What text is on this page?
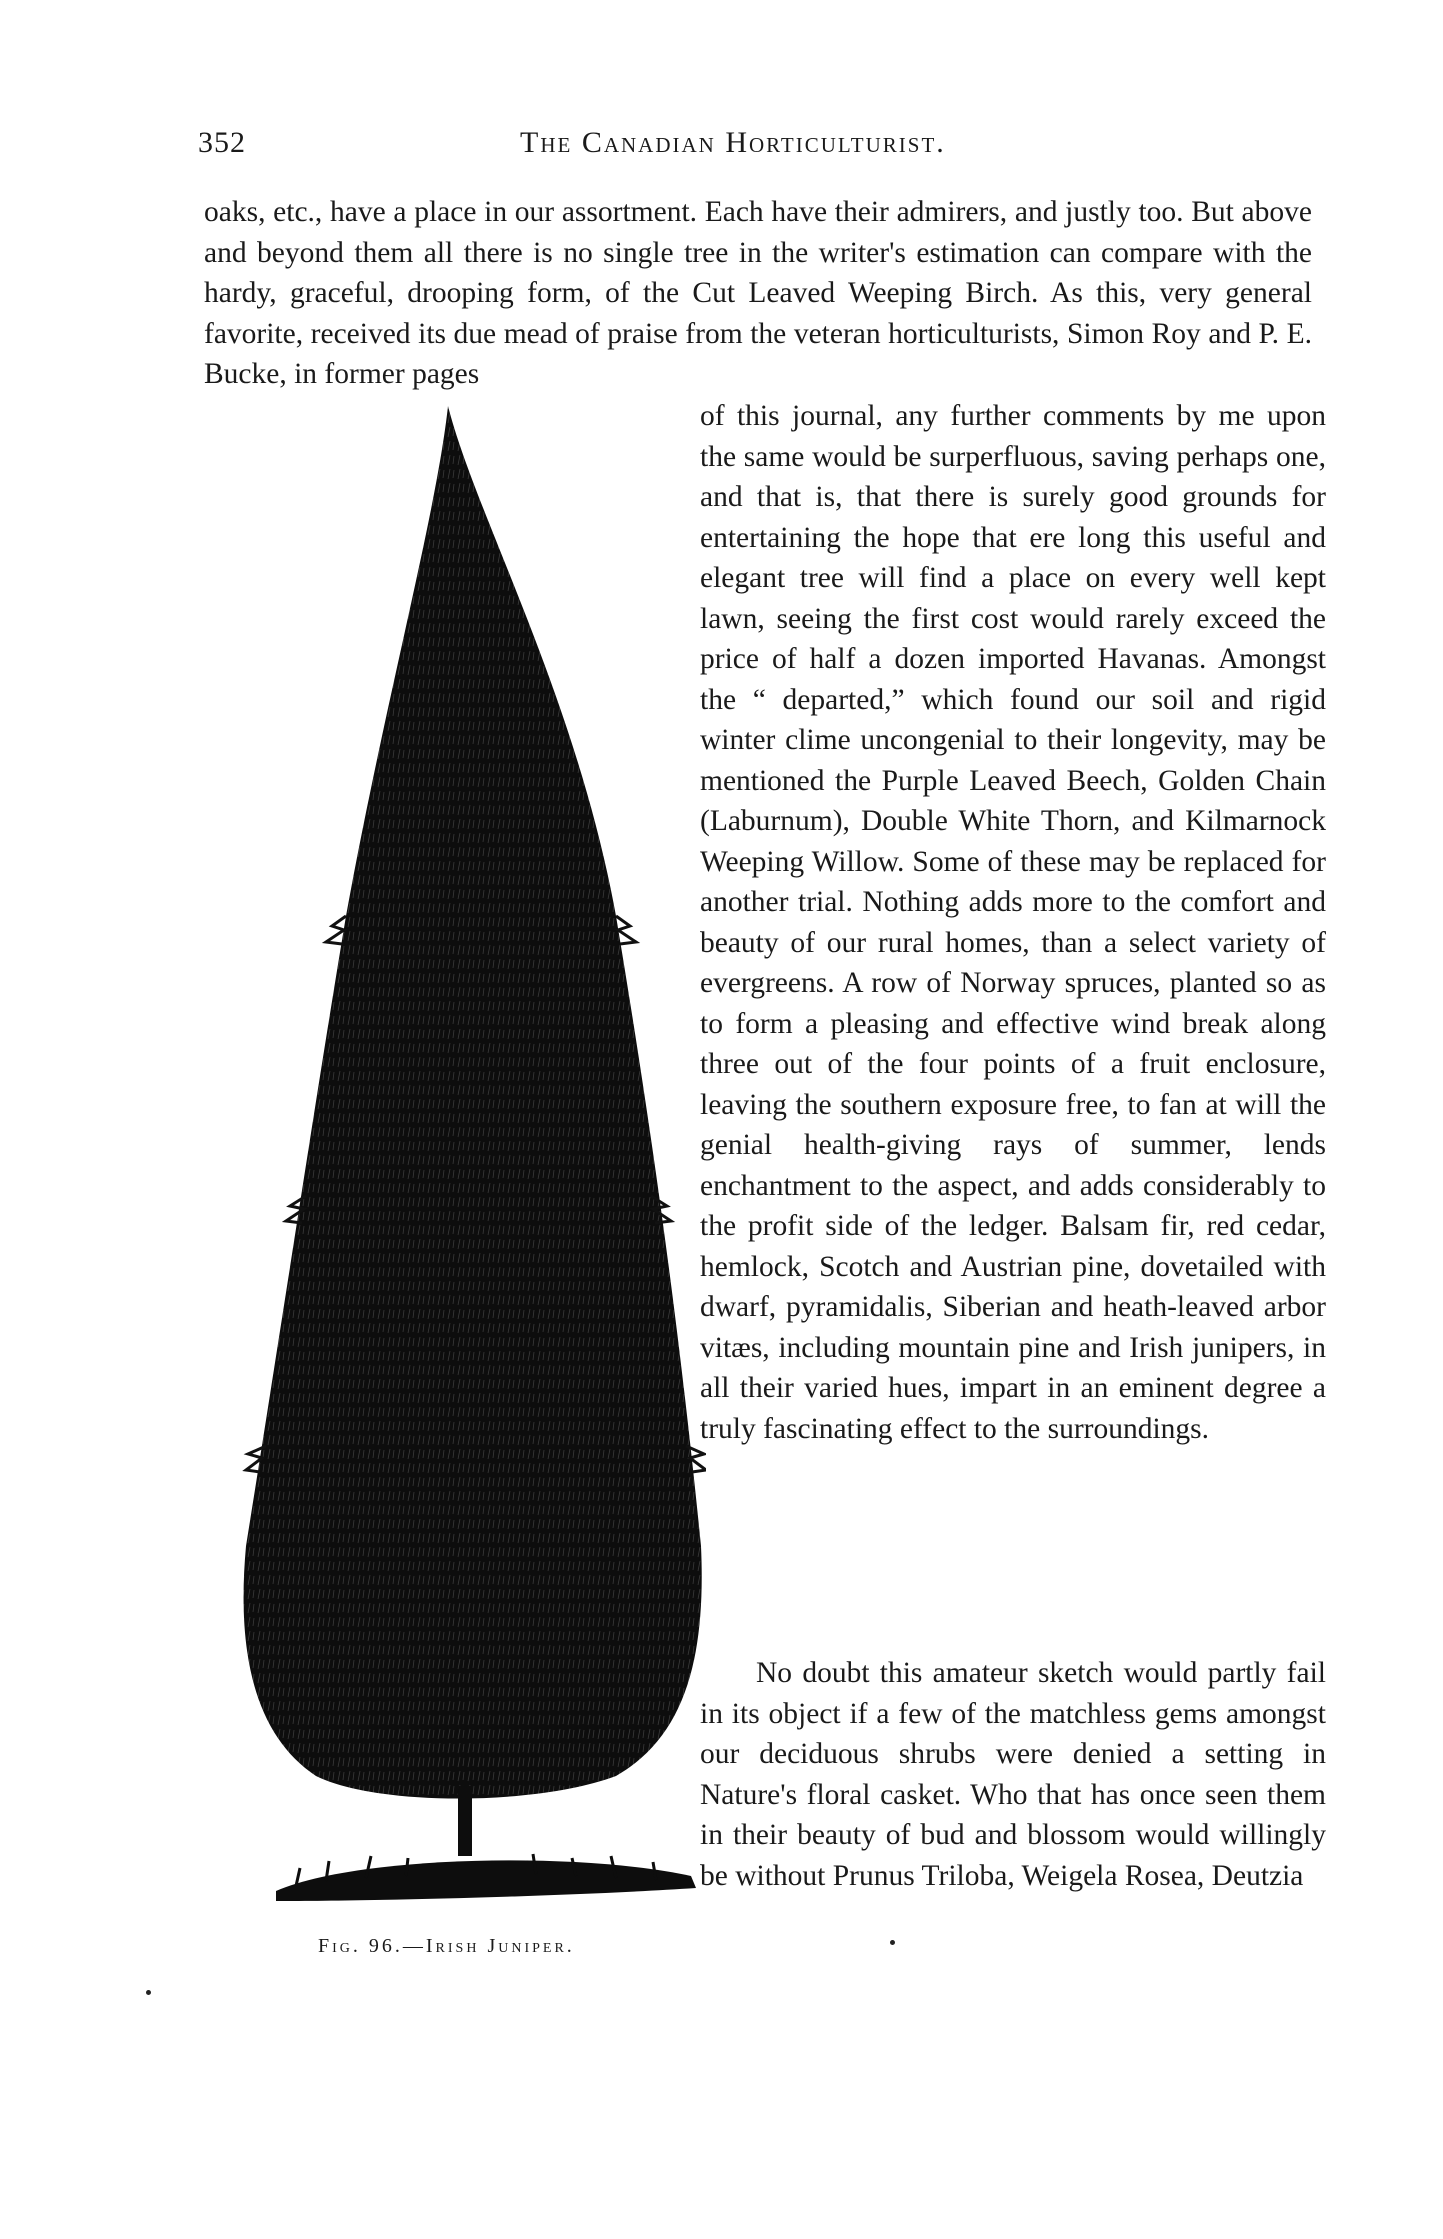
352	The Canadian Horticulturist.
oaks, etc., have a place in our assortment. Each have their admirers, and justly too. But above and beyond them all there is no single tree in the writer's estimation can compare with the hardy, graceful, drooping form, of the Cut Leaved Weeping Birch. As this, very general favorite, received its due mead of praise from the veteran horticulturists, Simon Roy and P. E. Bucke, in former pages
of this journal, any further comments by me upon the same would be surperfluous, saving perhaps one, and that is, that there is surely good grounds for entertaining the hope that ere long this useful and elegant tree will find a place on every well kept lawn, seeing the first cost would rarely exceed the price of half a dozen imported Havanas. Amongst the “ departed,” which found our soil and rigid winter clime uncongenial to their longevity, may be mentioned the Purple Leaved Beech, Golden Chain (Laburnum), Double White Thorn, and Kilmarnock Weeping Willow. Some of these may be replaced for another trial. Nothing adds more to the comfort and beauty of our rural homes, than a select variety of evergreens. A row of Norway spruces, planted so as to form a pleasing and effective wind break along three out of the four points of a fruit enclosure, leaving the southern exposure free, to fan at will the genial health-giving rays of summer, lends enchantment to the aspect, and adds considerably to the profit side of the ledger. Balsam fir, red cedar, hemlock, Scotch and Austrian pine, dovetailed with dwarf, pyramidalis, Siberian and heath-leaved arbor vitæs, including mountain pine and Irish junipers, in all their varied hues, impart in an eminent degree a truly fascinating effect to the surroundings.
No doubt this amateur sketch would partly fail in its object if a few of the matchless gems amongst our deciduous shrubs were denied a setting in Nature's floral casket. Who that has once seen them in their beauty of bud and blossom would willingly be without Prunus Triloba, Weigela Rosea, Deutzia
Fig. 96.—Irish Juniper.
